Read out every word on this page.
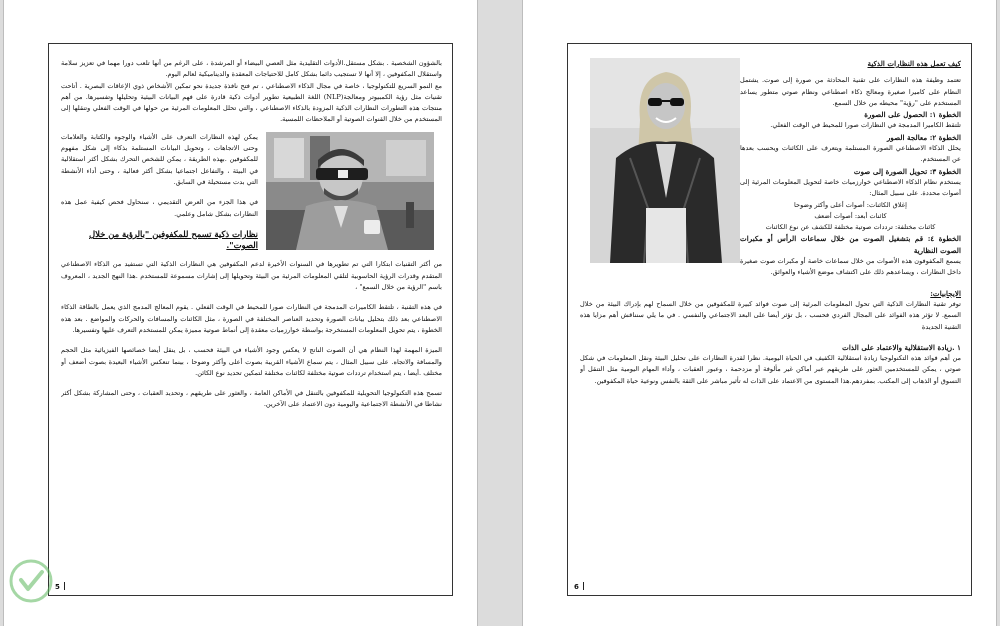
بالشؤون الشخصية . بشكل مستقل.الأدوات التقليدية مثل العصي البيضاء أو المرشدة ، على الرغم من أنها تلعب دورا مهما في تعزيز سلامة واستقلال المكفوفين ، إلا أنها لا تستجيب دائما بشكل كامل للاحتياجات المعقدة والديناميكية لعالم اليوم.

مع النمو السريع للتكنولوجيا ، خاصة في مجال الذكاء الاصطناعي ، تم فتح نافذة جديدة نحو تمكين الأشخاص ذوي الإعاقات البصرية . أتاحت تقنيات مثل رؤية الكمبيوتر ومعالجة(NLP) اللغة الطبيعية تطوير أدوات ذكية قادرة على فهم البيانات البيئية وتحليلها وتفسيرها. من أهم منتجات هذه التطورات النظارات الذكية المزودة بالذكاء الاصطناعي ، والتي تحلل المعلومات المرئية من حولها في الوقت الفعلي وتنقلها إلى المستخدم من خلال القنوات الصوتية أو الملاحظات اللمسية.

يمكن لهذه النظارات التعرف على الأشياء والوجوه والكتابة والعلامات وحتى الاتجاهات ، وتحويل البيانات المستلمة بذكاء إلى شكل مفهوم للمكفوفين .بهذه الطريقة ، يمكن للشخص التحرك بشكل أكثر استقلالية في البيئة ، والتفاعل اجتماعيا بشكل أكثر فعالية ، وحتى أداء الأنشطة التي بدت مستحيلة في السابق.

في هذا الجزء من العرض التقديمي ، سنحاول فحص كيفية عمل هذه النظارات بشكل شامل وعلمي.

نظارات ذكية تسمح للمكفوفين "بالرؤية من خلال الصوت".

من أكثر التقنيات ابتكارا التي تم تطويرها في السنوات الأخيرة لدعم المكفوفين هي النظارات الذكية التي تستفيد من الذكاء الاصطناعي المتقدم وقدرات الرؤية الحاسوبية لتلقي المعلومات المرئية من البيئة وتحويلها إلى إشارات مسموعة للمستخدم .هذا النهج الجديد ، المعروف باسم "الرؤية من خلال السمع" ،

في هذه التقنية ، تلتقط الكاميرات المدمجة في النظارات صورا للمحيط في الوقت الفعلي . يقوم المعالج المدمج الذي يعمل بالطاقة الذكاء الاصطناعي بعد ذلك بتحليل بيانات الصورة وتحديد العناصر المختلفة في الصورة ، مثل الكائنات والمسافات والحركات والمواضع . بعد هذه الخطوة ، يتم تحويل المعلومات المستخرجة بواسطة خوارزميات معقدة إلى أنماط صوتية مميزة يمكن للمستخدم التعرف عليها وتفسيرها.

الميزة المهمة لهذا النظام هي أن الصوت الناتج لا يعكس وجود الأشياء في البيئة فحسب ، بل ينقل أيضا خصائصها الفيزيائية مثل الحجم والمسافة والاتجاه. على سبيل المثال ، يتم سماع الأشياء القريبة بصوت أعلى وأكثر وضوحا ، بينما تنعكس الأشياء البعيدة بصوت أضعف أو مختلف .أيضا ، يتم استخدام ترددات صوتية مختلفة لكائنات مختلفة لتمكين تحديد نوع الكائن.

تسمح هذه التكنولوجيا التحويلية للمكفوفين بالتنقل في الأماكن العامة ، والعثور على طريقهم ، وتحديد العقبات ، وحتى المشاركة بشكل أكثر نشاطا في الأنشطة الاجتماعية واليومية دون الاعتماد على الآخرين.

5

كيف تعمل هذه النظارات الذكية

تعتمد وظيفة هذه النظارات على تقنية المحادثة من صورة إلى صوت. يشتمل النظام على كاميرا صغيرة ومعالج ذكاء اصطناعي ونظام صوتي متطور يساعد المستخدم على "رؤية" محيطه من خلال السمع.

الخطوة ١: الحصول على الصورة

تلتقط الكاميرا المدمجة في النظارات صورا للمحيط في الوقت الفعلي.

الخطوة ٢: معالجة الصور

يحلل الذكاء الاصطناعي الصورة المستلمة ويتعرف على الكائنات ويحسب بعدها عن المستخدم.

الخطوة ٣: تحويل الصورة إلى صوت

يستخدم نظام الذكاء الاصطناعي خوارزميات خاصة لتحويل المعلومات المرئية إلى أصوات محددة. على سبيل المثال:

إغلاق الكائنات: أصوات أعلى وأكثر وضوحا

كائنات أبعد: أصوات أضعف

كائنات مختلفة: ترددات صوتية مختلفة للكشف عن نوع الكائنات

الخطوة ٤: قم بتشغيل الصوت من خلال سماعات الرأس أو مكبرات الصوت النظارية

يسمع المكفوفون هذه الأصوات من خلال سماعات خاصة أو مكبرات صوت صغيرة داخل النظارات ، ويساعدهم ذلك على اكتشاف موضع الأشياء والعوائق.

الايجابيات:

توفر تقنية النظارات الذكية التي تحول المعلومات المرئية إلى صوت فوائد كبيرة للمكفوفين من خلال السماح لهم بإدراك البيئة من خلال السمع. لا تؤثر هذه الفوائد على المجال الفردي فحسب ، بل تؤثر أيضا على البعد الاجتماعي والنفسي . في ما يلي سنناقش أهم مزايا هذه التقنية الجديدة

١ .زيادة الاستقلالية والاعتماد على الذات

من أهم فوائد هذه التكنولوجيا زيادة استقلالية الكفيف في الحياة اليومية. نظرا لقدرة النظارات على تحليل البيئة ونقل المعلومات في شكل صوتي ، يمكن للمستخدمين العثور على طريقهم عبر أماكن غير مألوفة أو مزدحمة ، وعبور العقبات ، وأداء المهام اليومية مثل التنقل أو التسوق أو الذهاب إلى المكتب. بمفردهم.هذا المستوى من الاعتماد على الذات له تأثير مباشر على الثقة بالنفس ونوعية حياة المكفوفين.

6
